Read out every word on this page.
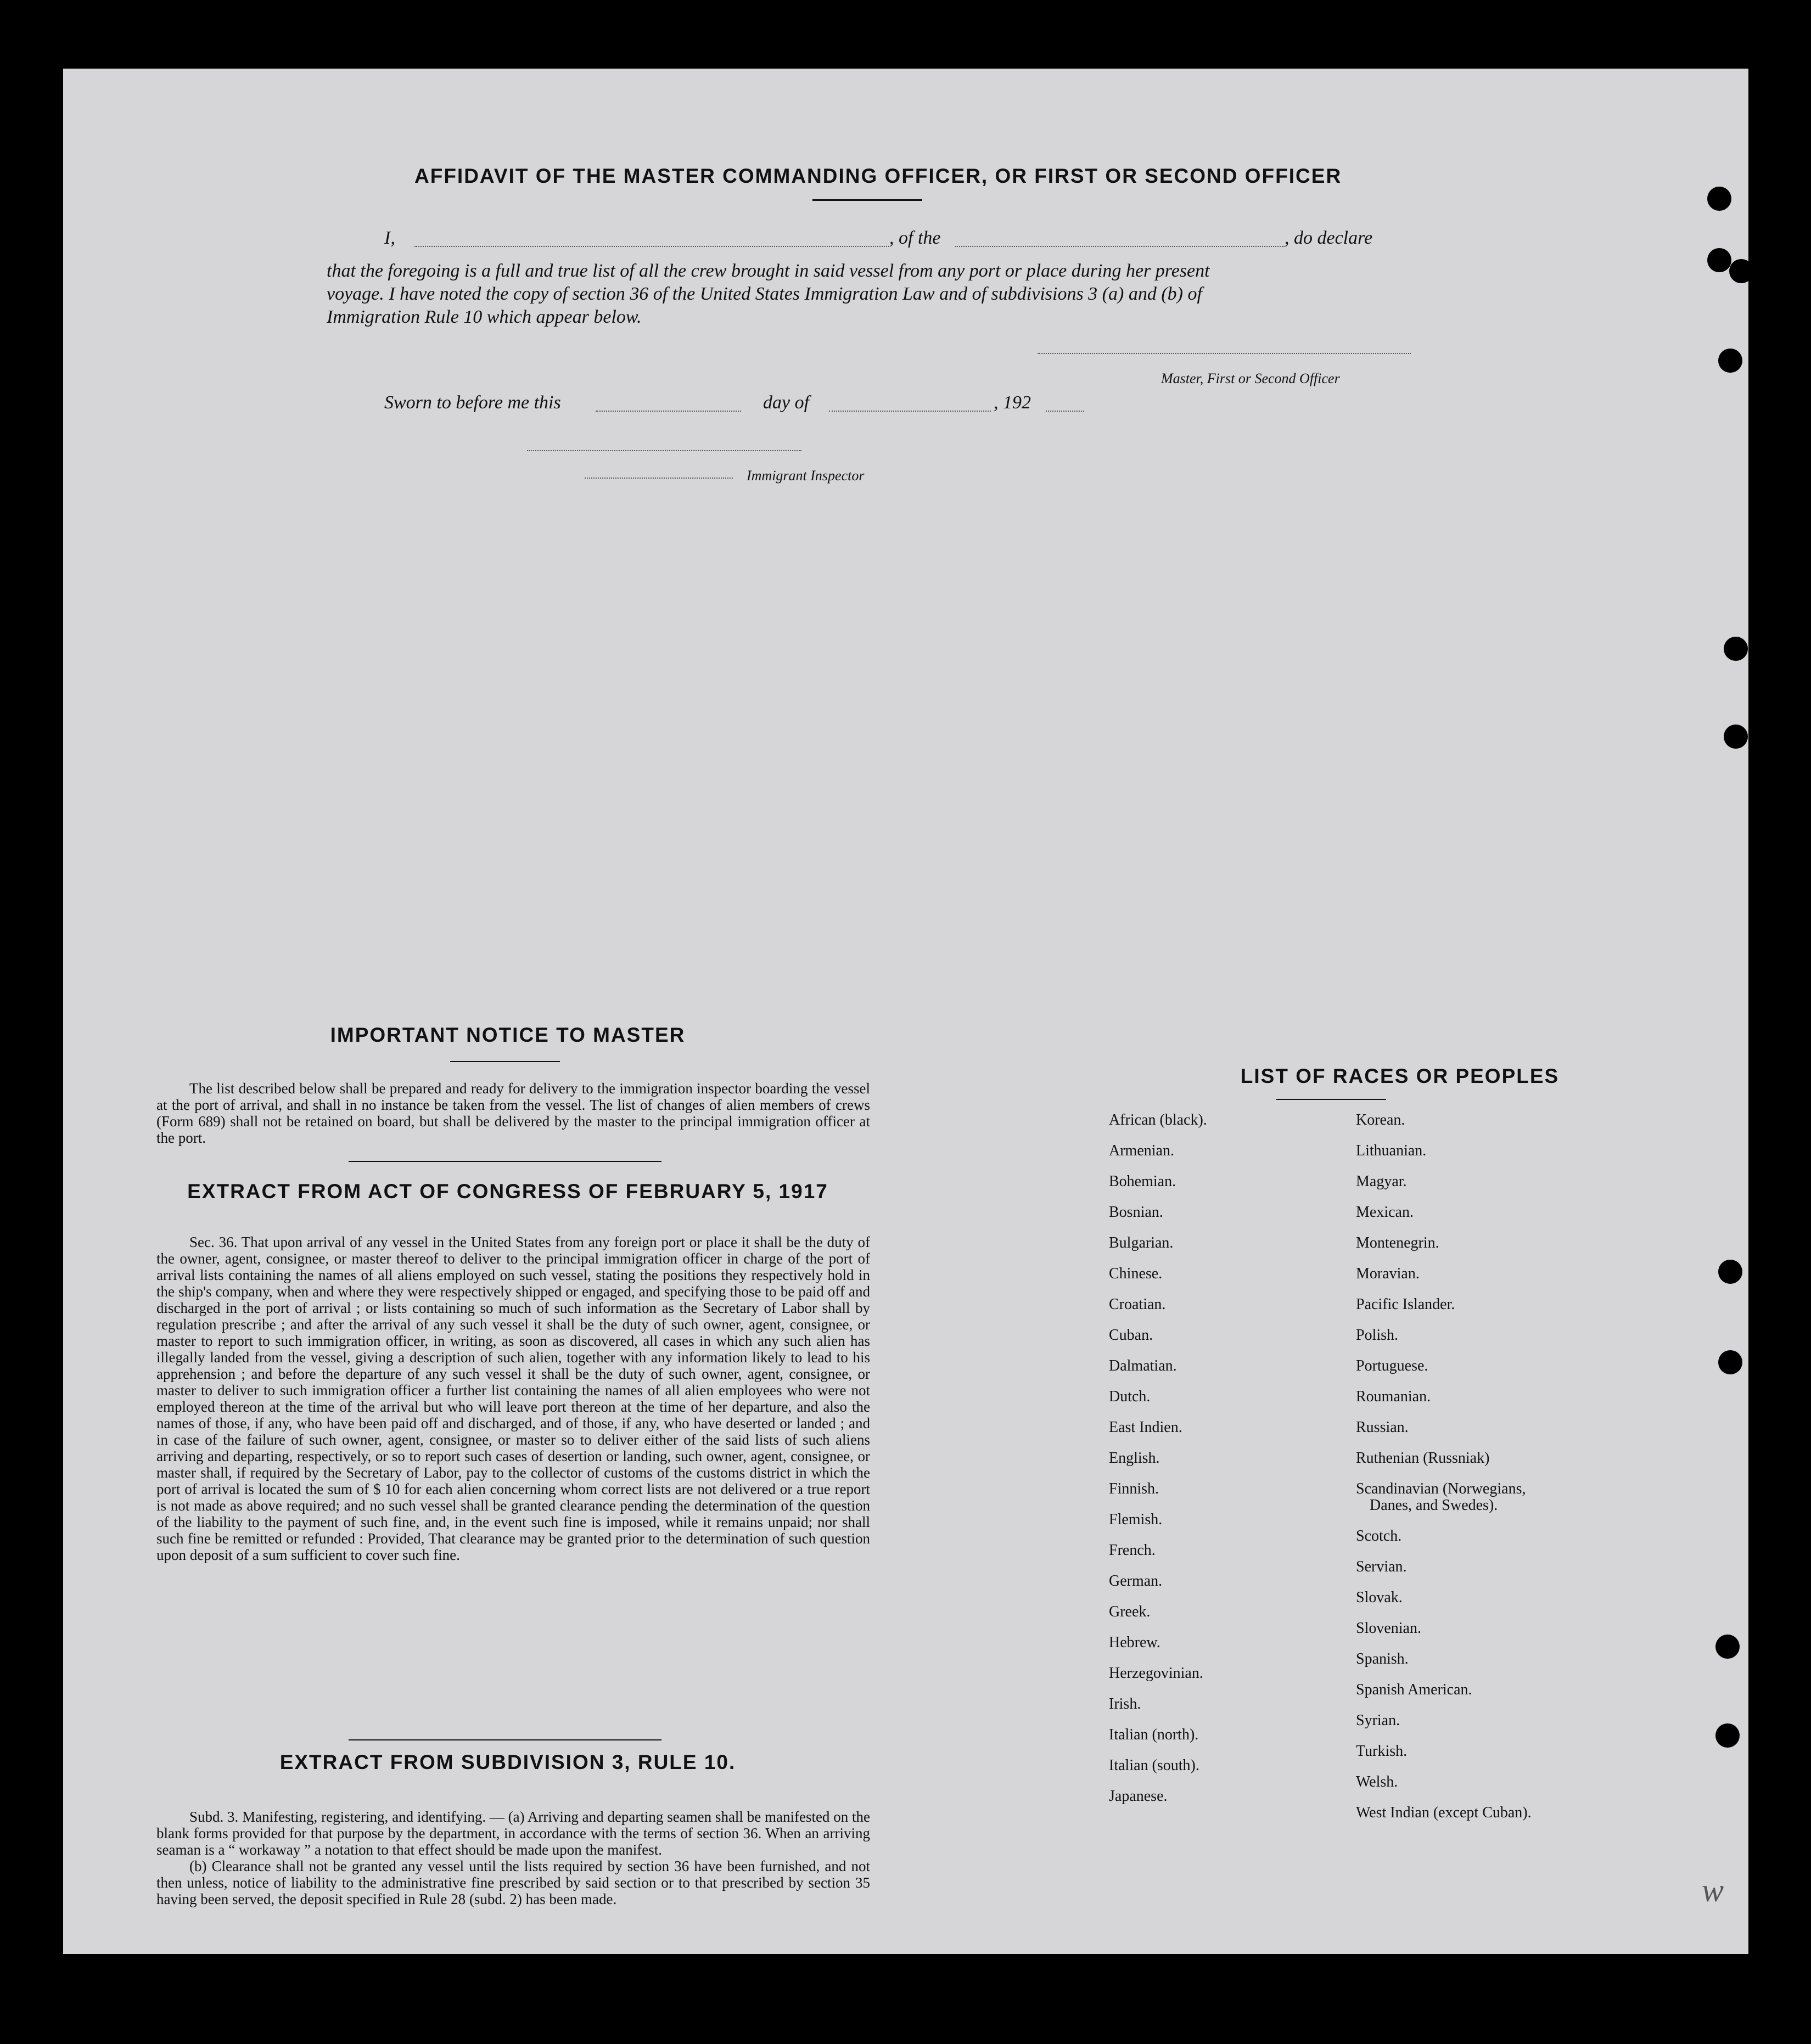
AFFIDAVIT OF THE MASTER COMMANDING OFFICER, OR FIRST OR SECOND OFFICER
I,	, of the	, do declare
that the foregoing is a full and true list of all the crew brought in said vessel from any port or place during her present
voyage. I have noted the copy of section 36 of the United States Immigration Law and of subdivisions 3 (a) and (b) of
Immigration Rule 10 which appear below.
Master, First or Second Officer
Sworn to before me this	day of	, 192
Immigrant Inspector
IMPORTANT NOTICE TO MASTER

The list described below shall be prepared and ready for delivery to the immigration inspector boarding the vessel at the port of arrival, and shall in no instance be taken from the vessel. The list of changes of alien members of crews (Form 689) shall not be retained on board, but shall be delivered by the master to the principal immigration officer at the port.

EXTRACT FROM ACT OF CONGRESS OF FEBRUARY 5, 1917

Sec. 36. That upon arrival of any vessel in the United States from any foreign port or place it shall be the duty of the owner, agent, consignee, or master thereof to deliver to the principal immigration officer in charge of the port of arrival lists containing the names of all aliens employed on such vessel, stating the positions they respectively hold in the ship's company, when and where they were respectively shipped or engaged, and specifying those to be paid off and discharged in the port of arrival ; or lists containing so much of such information as the Secretary of Labor shall by regulation prescribe ; and after the arrival of any such vessel it shall be the duty of such owner, agent, consignee, or master to report to such immigration officer, in writing, as soon as discovered, all cases in which any such alien has illegally landed from the vessel, giving a description of such alien, together with any information likely to lead to his apprehension ; and before the departure of any such vessel it shall be the duty of such owner, agent, consignee, or master to deliver to such immigration officer a further list containing the names of all alien employees who were not employed thereon at the time of the arrival but who will leave port thereon at the time of her departure, and also the names of those, if any, who have been paid off and discharged, and of those, if any, who have deserted or landed ; and in case of the failure of such owner, agent, consignee, or master so to deliver either of the said lists of such aliens arriving and departing, respectively, or so to report such cases of desertion or landing, such owner, agent, consignee, or master shall, if required by the Secretary of Labor, pay to the collector of customs of the customs district in which the port of arrival is located the sum of $ 10 for each alien concerning whom correct lists are not delivered or a true report is not made as above required; and no such vessel shall be granted clearance pending the determination of the question of the liability to the payment of such fine, and, in the event such fine is imposed, while it remains unpaid; nor shall such fine be remitted or refunded : Provided, That clearance may be granted prior to the determination of such question upon deposit of a sum sufficient to cover such fine.

EXTRACT FROM SUBDIVISION 3, RULE 10.

Subd. 3. Manifesting, registering, and identifying. — (a) Arriving and departing seamen shall be manifested on the blank forms provided for that purpose by the department, in accordance with the terms of section 36. When an arriving seaman is a “ workaway ” a notation to that effect should be made upon the manifest.

(b) Clearance shall not be granted any vessel until the lists required by section 36 have been furnished, and not then unless, notice of liability to the administrative fine prescribed by said section or to that prescribed by section 35 having been served, the deposit specified in Rule 28 (subd. 2) has been made.

LIST OF RACES OR PEOPLES
African (black).
Armenian.
Bohemian.
Bosnian.
Bulgarian.
Chinese.
Croatian.
Cuban.
Dalmatian.
Dutch.
East Indien.
English.
Finnish.
Flemish.
French.
German.
Greek.
Hebrew.
Herzegovinian.
Irish.
Italian (north).
Italian (south).
Japanese.
Korean.
Lithuanian.
Magyar.
Mexican.
Montenegrin.
Moravian.
Pacific Islander.
Polish.
Portuguese.
Roumanian.
Russian.
Ruthenian (Russniak)
Scandinavian (Norwegians,
Danes, and Swedes).
Scotch.
Servian.
Slovak.
Slovenian.
Spanish.
Spanish American.
Syrian.
Turkish.
Welsh.
West Indian (except Cuban).
w
